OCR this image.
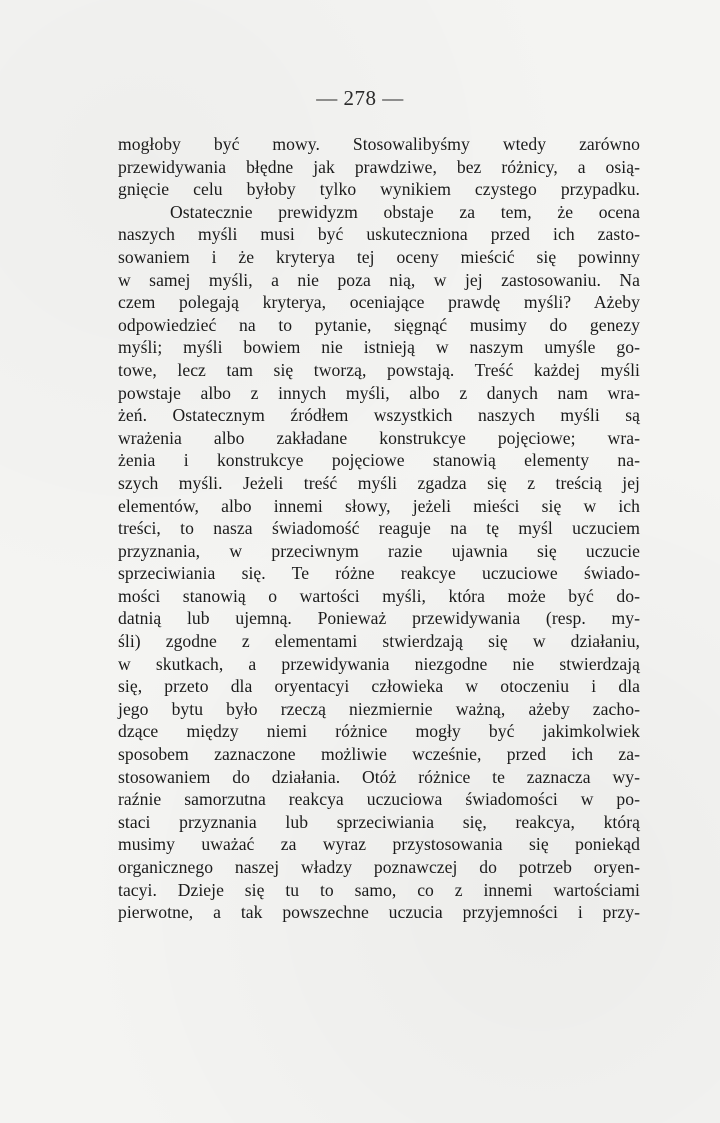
— 278 —
mogłoby być mowy. Stosowalibyśmy wtedy zarówno
przewidywania błędne jak prawdziwe, bez różnicy, a osią-
gnięcie celu byłoby tylko wynikiem czystego przypadku.
Ostatecznie prewidyzm obstaje za tem, że ocena
naszych myśli musi być uskuteczniona przed ich zasto-
sowaniem i że kryterya tej oceny mieścić się powinny
w samej myśli, a nie poza nią, w jej zastosowaniu. Na
czem polegają kryterya, oceniające prawdę myśli? Ażeby
odpowiedzieć na to pytanie, sięgnąć musimy do genezy
myśli; myśli bowiem nie istnieją w naszym umyśle go-
towe, lecz tam się tworzą, powstają. Treść każdej myśli
powstaje albo z innych myśli, albo z danych nam wra-
żeń. Ostatecznym źródłem wszystkich naszych myśli są
wrażenia albo zakładane konstrukcye pojęciowe; wra-
żenia i konstrukcye pojęciowe stanowią elementy na-
szych myśli. Jeżeli treść myśli zgadza się z treścią jej
elementów, albo innemi słowy, jeżeli mieści się w ich
treści, to nasza świadomość reaguje na tę myśl uczuciem
przyznania, w przeciwnym razie ujawnia się uczucie
sprzeciwiania się. Te różne reakcye uczuciowe świado-
mości stanowią o wartości myśli, która może być do-
datnią lub ujemną. Ponieważ przewidywania (resp. my-
śli) zgodne z elementami stwierdzają się w działaniu,
w skutkach, a przewidywania niezgodne nie stwierdzają
się, przeto dla oryentacyi człowieka w otoczeniu i dla
jego bytu było rzeczą niezmiernie ważną, ażeby zacho-
dzące między niemi różnice mogły być jakimkolwiek
sposobem zaznaczone możliwie wcześnie, przed ich za-
stosowaniem do działania. Otóż różnice te zaznacza wy-
raźnie samorzutna reakcya uczuciowa świadomości w po-
staci przyznania lub sprzeciwiania się, reakcya, którą
musimy uważać za wyraz przystosowania się poniekąd
organicznego naszej władzy poznawczej do potrzeb oryen-
tacyi. Dzieje się tu to samo, co z innemi wartościami
pierwotne, a tak powszechne uczucia przyjemności i przy-
